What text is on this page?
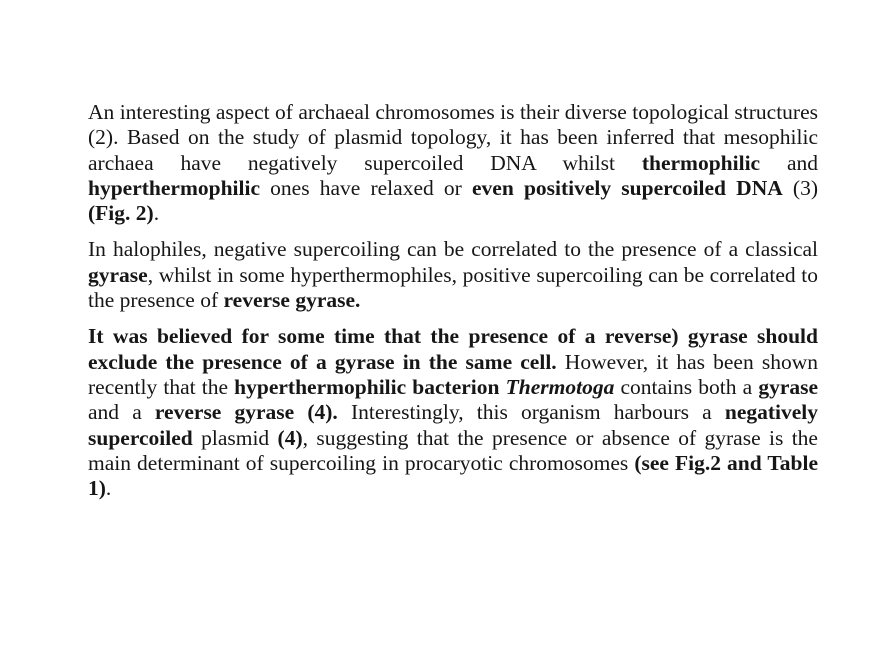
An interesting aspect of archaeal chromosomes is their diverse topological structures (2). Based on the study of plasmid topology, it has been inferred that mesophilic archaea have negatively supercoiled DNA whilst thermophilic and hyperthermophilic ones have relaxed or even positively supercoiled DNA (3) (Fig. 2).

In halophiles, negative supercoiling can be correlated to the presence of a classical gyrase, whilst in some hyperthermophiles, positive supercoiling can be correlated to the presence of reverse gyrase.

It was believed for some time that the presence of a reverse) gyrase should exclude the presence of a gyrase in the same cell. However, it has been shown recently that the hyperthermophilic bacterion Thermotoga contains both a gyrase and a reverse gyrase (4). Interestingly, this organism harbours a negatively supercoiled plasmid (4), suggesting that the presence or absence of gyrase is the main determinant of supercoiling in procaryotic chromosomes (see Fig.2 and Table 1).
